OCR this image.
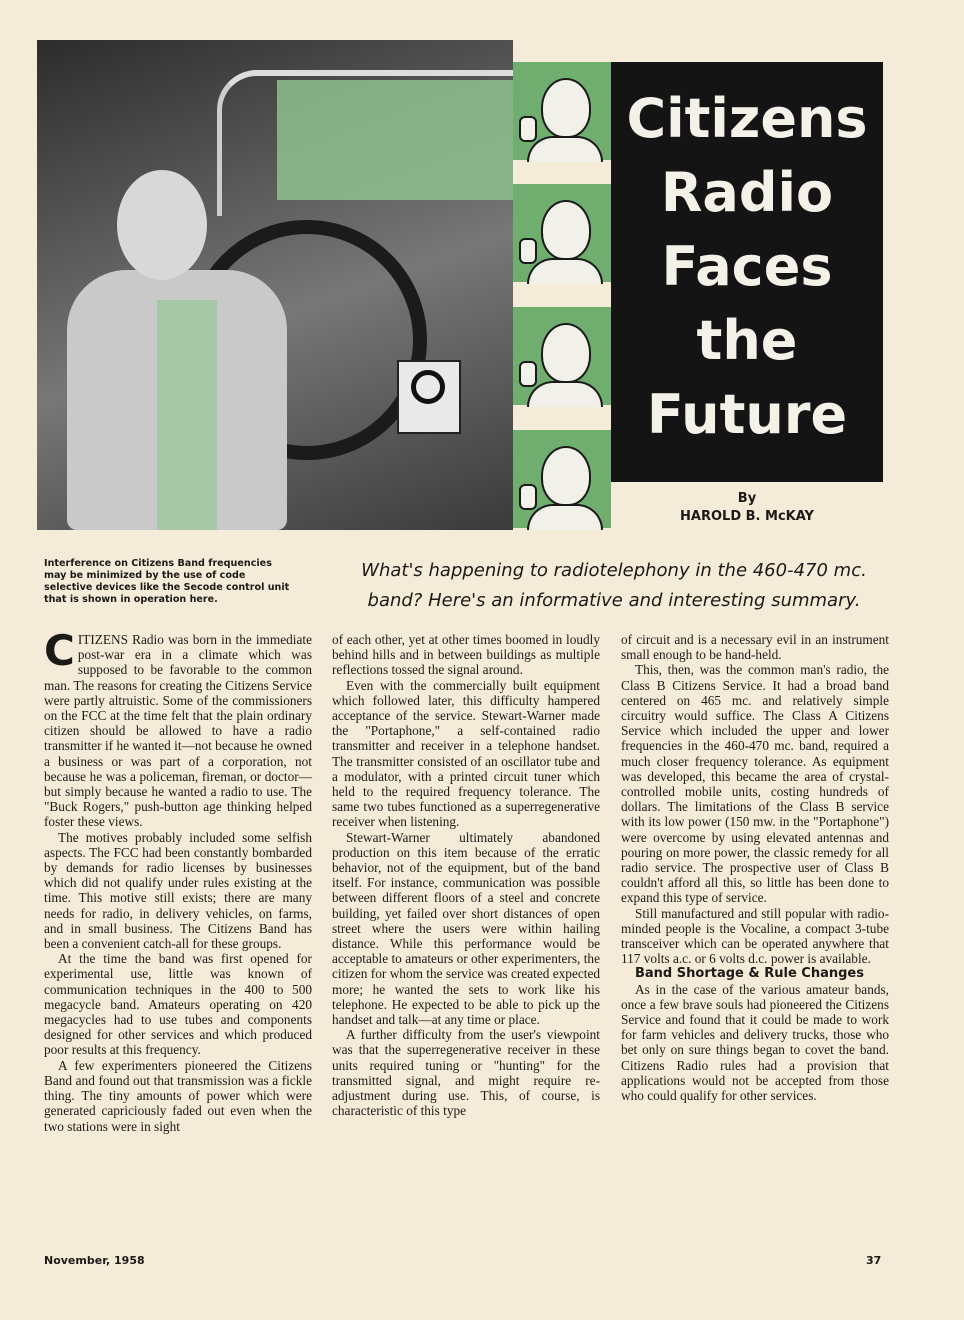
Citizens
Radio
Faces
the
Future
By
HAROLD B. McKAY
Interference on Citizens Band frequencies may be minimized by the use of code selective devices like the Secode control unit that is shown in operation here.
What's happening to radiotelephony in the 460-470 mc. band? Here's an informative and interesting summary.

CITIZENS Radio was born in the immediate post-war era in a climate which was supposed to be favorable to the common man. The reasons for creating the Citizens Service were partly altruistic. Some of the commissioners on the FCC at the time felt that the plain ordinary citizen should be allowed to have a radio transmitter if he wanted it—not because he owned a business or was part of a corporation, not because he was a policeman, fireman, or doctor—but simply because he wanted a radio to use. The "Buck Rogers," push-button age thinking helped foster these views.

The motives probably included some selfish aspects. The FCC had been constantly bombarded by demands for radio licenses by businesses which did not qualify under rules existing at the time. This motive still exists; there are many needs for radio, in delivery vehicles, on farms, and in small business. The Citizens Band has been a convenient catch-all for these groups.

At the time the band was first opened for experimental use, little was known of communication techniques in the 400 to 500 megacycle band. Amateurs operating on 420 megacycles had to use tubes and components designed for other services and which produced poor results at this frequency.

A few experimenters pioneered the Citizens Band and found out that transmission was a fickle thing. The tiny amounts of power which were generated capriciously faded out even when the two stations were in sight

of each other, yet at other times boomed in loudly behind hills and in between buildings as multiple reflections tossed the signal around.

Even with the commercially built equipment which followed later, this difficulty hampered acceptance of the service. Stewart-Warner made the "Portaphone," a self-contained radio transmitter and receiver in a telephone handset. The transmitter consisted of an oscillator tube and a modulator, with a printed circuit tuner which held to the required frequency tolerance. The same two tubes functioned as a superregenerative receiver when listening.

Stewart-Warner ultimately abandoned production on this item because of the erratic behavior, not of the equipment, but of the band itself. For instance, communication was possible between different floors of a steel and concrete building, yet failed over short distances of open street where the users were within hailing distance. While this performance would be acceptable to amateurs or other experimenters, the citizen for whom the service was created expected more; he wanted the sets to work like his telephone. He expected to be able to pick up the handset and talk—at any time or place.

A further difficulty from the user's viewpoint was that the superregenerative receiver in these units required tuning or "hunting" for the transmitted signal, and might require re-adjustment during use. This, of course, is characteristic of this type

of circuit and is a necessary evil in an instrument small enough to be hand-held.

This, then, was the common man's radio, the Class B Citizens Service. It had a broad band centered on 465 mc. and relatively simple circuitry would suffice. The Class A Citizens Service which included the upper and lower frequencies in the 460-470 mc. band, required a much closer frequency tolerance. As equipment was developed, this became the area of crystal-controlled mobile units, costing hundreds of dollars. The limitations of the Class B service with its low power (150 mw. in the "Portaphone") were overcome by using elevated antennas and pouring on more power, the classic remedy for all radio service. The prospective user of Class B couldn't afford all this, so little has been done to expand this type of service.

Still manufactured and still popular with radio-minded people is the Vocaline, a compact 3-tube transceiver which can be operated anywhere that 117 volts a.c. or 6 volts d.c. power is available.

Band Shortage & Rule Changes

As in the case of the various amateur bands, once a few brave souls had pioneered the Citizens Service and found that it could be made to work for farm vehicles and delivery trucks, those who bet only on sure things began to covet the band. Citizens Radio rules had a provision that applications would not be accepted from those who could qualify for other services.

November, 1958	37
